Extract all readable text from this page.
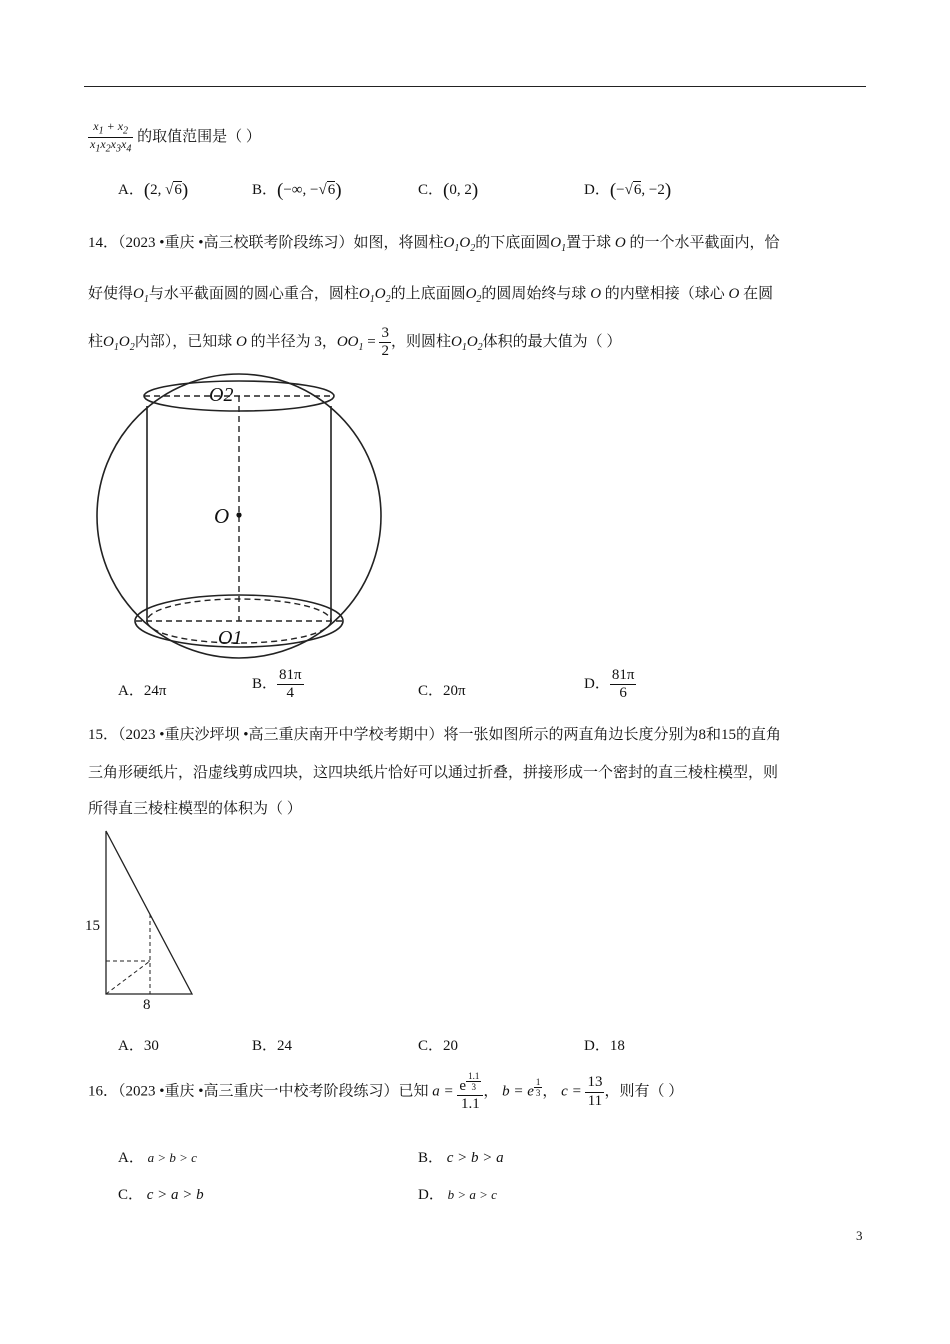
$\frac{x_1 + x_2}{x_1x_2x_3x_4}$ 的取值范围是（ ）
A．(2, √6)	B．(−∞, −√6)	C．(0, 2)	D．(−√6, −2)
14．（2023 •重庆 •高三校联考阶段练习）如图，将圆柱$O_1O_2$的下底面圆$O_1$置于球 O 的一个水平截面内，恰
好使得$O_1$与水平截面圆的圆心重合，圆柱$O_1O_2$的上底面圆$O_2$的圆周始终与球 O 的内壁相接（球心 O 在圆
柱$O_1O_2$内部），已知球 O 的半径为 3，$OO_1 = \frac{3}{2}$ ，则圆柱$O_1O_2$体积的最大值为（ ）
O2
O
O1
A．24π	B． $\frac{81\pi}{4}$	C．20π	D． $\frac{81\pi}{6}$
15．（2023 •重庆沙坪坝 •高三重庆南开中学校考期中）将一张如图所示的两直角边长度分别为8和15的直角
三角形硬纸片，沿虚线剪成四块，这四块纸片恰好可以通过折叠，拼接形成一个密封的直三棱柱模型，则
所得直三棱柱模型的体积为（ ）
15
8
A．30	B．24	C．20	D．18
16．（2023 •重庆 •高三重庆一中校考阶段练习）已知 a = e $^{\frac{1.1}{3}}$
1.1 ， b = e $^{\frac{1}{3}}$ ， $c = \frac{13}{11}$ ，则有（ ）
A． a > b > c	B． c > b > a
C． c > a > b	D． b > a > c
3
